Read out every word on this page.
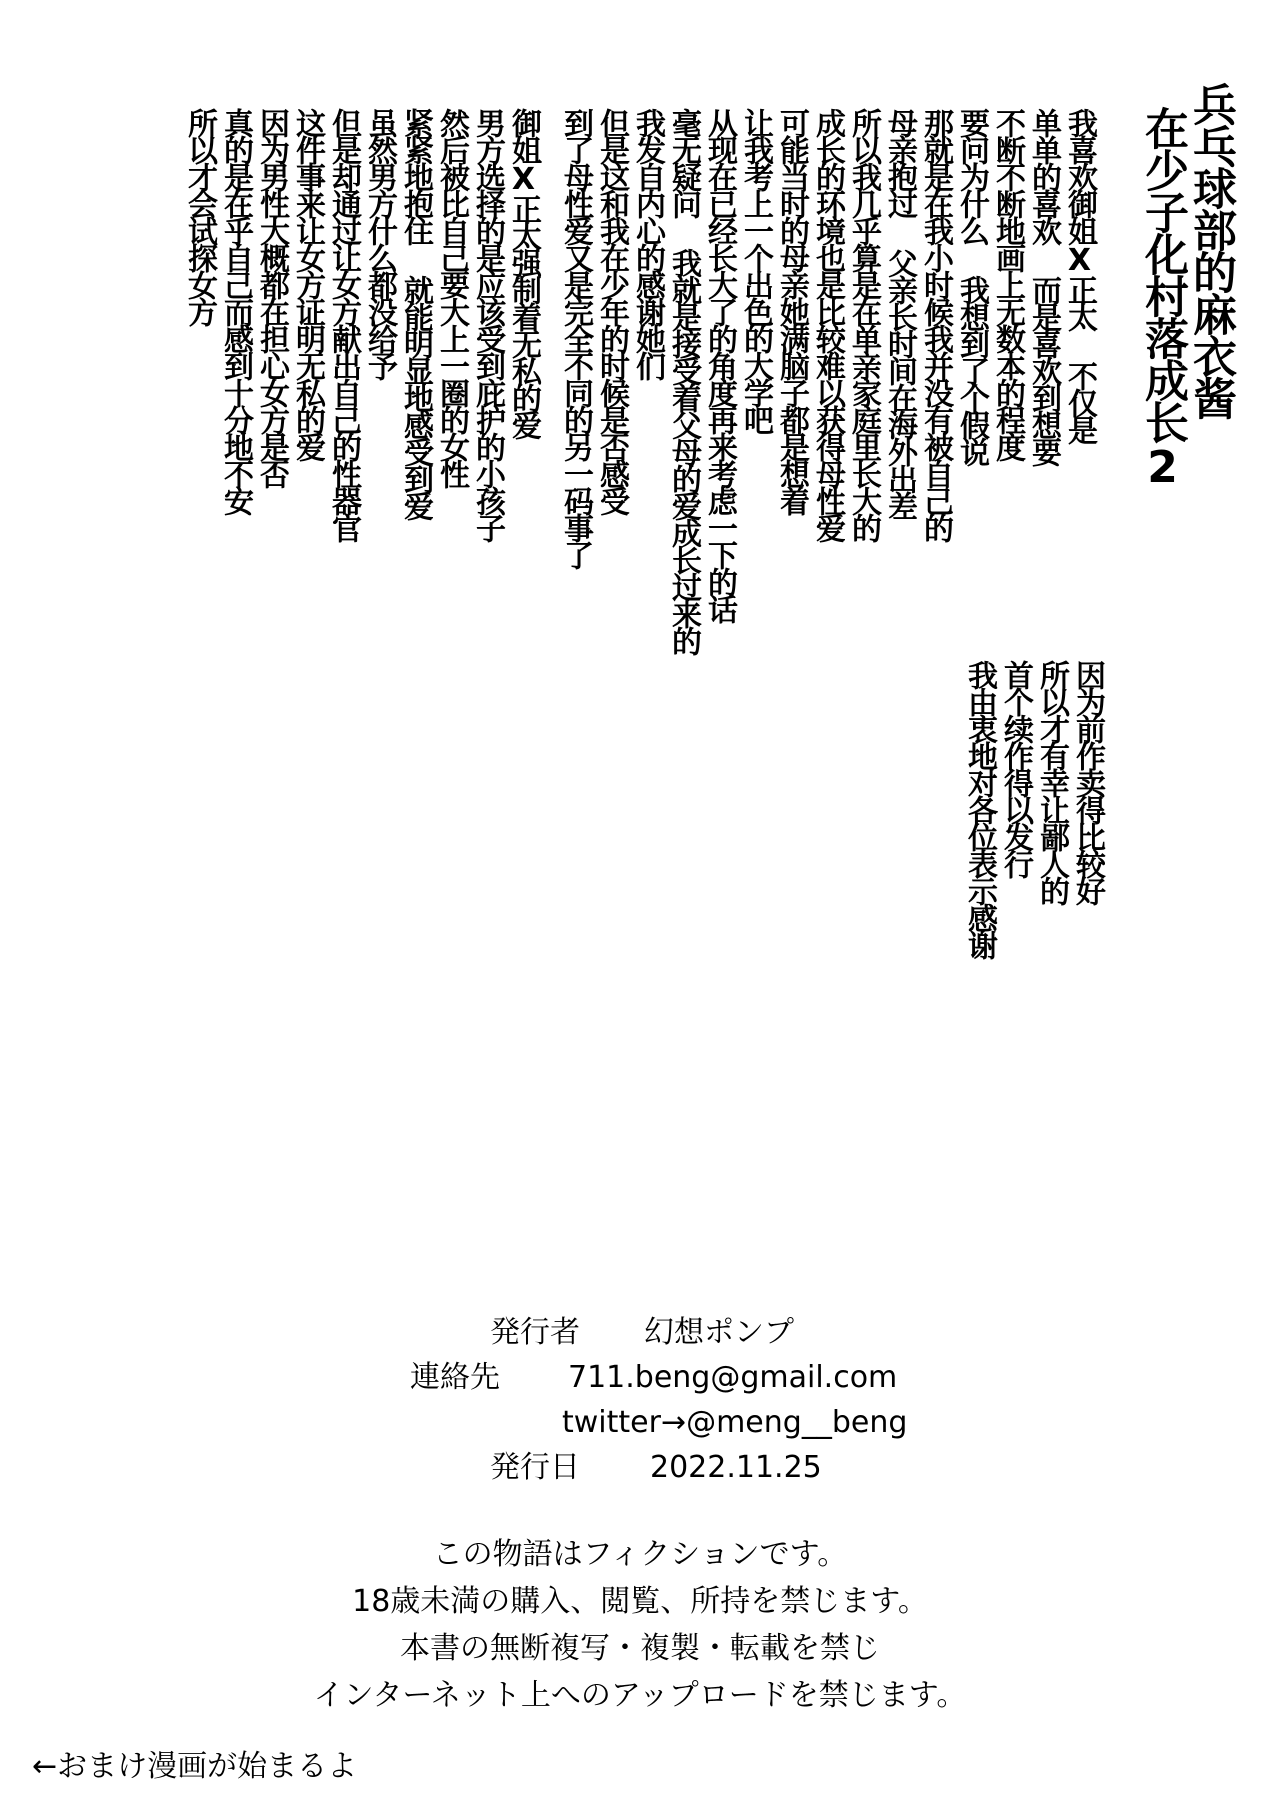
兵乓球部的麻衣酱
在少子化村落成长2
我喜欢御姐X正太 不仅是
单单的喜欢 而是喜欢到想要
不断不断地画上无数本的程度
要问为什么 我想到了个假说
那就是在我小时候我并没有被自己的
母亲抱过 父亲长时间在海外出差
所以我几乎算是在单亲家庭里长大的
成长的环境也是比较难以获得母性爱
可能当时的母亲她满脑子都是想着
让我考上一个出色的大学吧
从现在已经长大了的角度再来考虑一下的话
毫无疑问 我就是接受着父母的爱成长过来的
我发自内心的感谢她们
但是这和我在少年的时候是否感受
到了母性爱又是完全不同的另一码事了
御姐X正太强制着无私的爱
男方选择的是应该受到庇护的小孩子
然后被比自己要大上一圈的女性
紧紧地抱住 就能明显地感受到爱
虽然男方什么都没给予
但是却通过让女方献出自己的性器官
这件事来让女方证明无私的爱
因为男性大概都在担心女方是否
真的是在乎自己而感到十分地不安
所以才会试探女方
因为前作卖得比较好
所以才有幸让鄙人的
首个续作得以发行
我由衷地对各位表示感谢
発行者 幻想ポンプ
連絡先 711.beng@gmail.com
twitter→@meng__beng
発行日 2022.11.25
この物語はフィクションです。
18歳未満の購入、閲覧、所持を禁じます。
本書の無断複写・複製・転載を禁じ
インターネット上へのアップロードを禁じます。
←おまけ漫画が始まるよ
